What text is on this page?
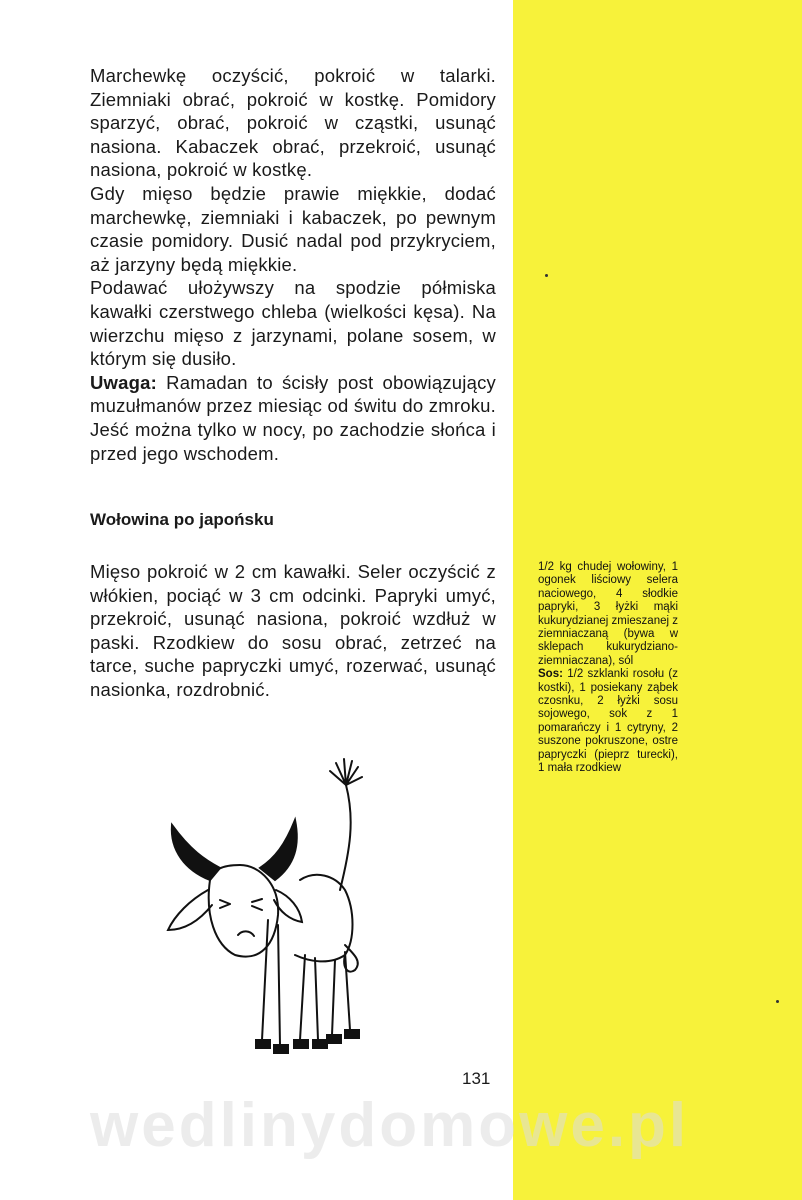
Marchewkę oczyścić, pokroić w talarki. Ziemniaki obrać, pokroić w kostkę. Pomidory sparzyć, obrać, pokroić w cząstki, usunąć nasiona. Kabaczek obrać, przekroić, usunąć nasiona, pokroić w kostkę.

Gdy mięso będzie prawie miękkie, dodać marchewkę, ziemniaki i kabaczek, po pewnym czasie pomidory. Dusić nadal pod przykryciem, aż jarzyny będą miękkie.

Podawać ułożywszy na spodzie półmiska kawałki czerstwego chleba (wielkości kęsa). Na wierzchu mięso z jarzynami, polane sosem, w którym się dusiło.

Uwaga: Ramadan to ścisły post obowiązujący muzułmanów przez miesiąc od świtu do zmroku. Jeść można tylko w nocy, po zachodzie słońca i przed jego wschodem.

Wołowina po japońsku
Mięso pokroić w 2 cm kawałki. Seler oczyścić z włókien, pociąć w 3 cm odcinki. Papryki umyć, przekroić, usunąć nasiona, pokroić wzdłuż w paski. Rzodkiew do sosu obrać, zetrzeć na tarce, suche papryczki umyć, rozerwać, usunąć nasionka, rozdrobnić.
1/2 kg chudej wołowiny, 1 ogonek liściowy selera naciowego, 4 słodkie papryki, 3 łyżki mąki kukurydzianej zmieszanej z ziemniaczaną (bywa w sklepach kukurydziano-ziemniaczana), sól
Sos: 1/2 szklanki rosołu (z kostki), 1 posiekany ząbek czosnku, 2 łyżki sosu sojowego, sok z 1 pomarańczy i 1 cytryny, 2 suszone pokruszone, ostre papryczki (pieprz turecki), 1 mała rzodkiew
131
wedlinydomowe.pl
